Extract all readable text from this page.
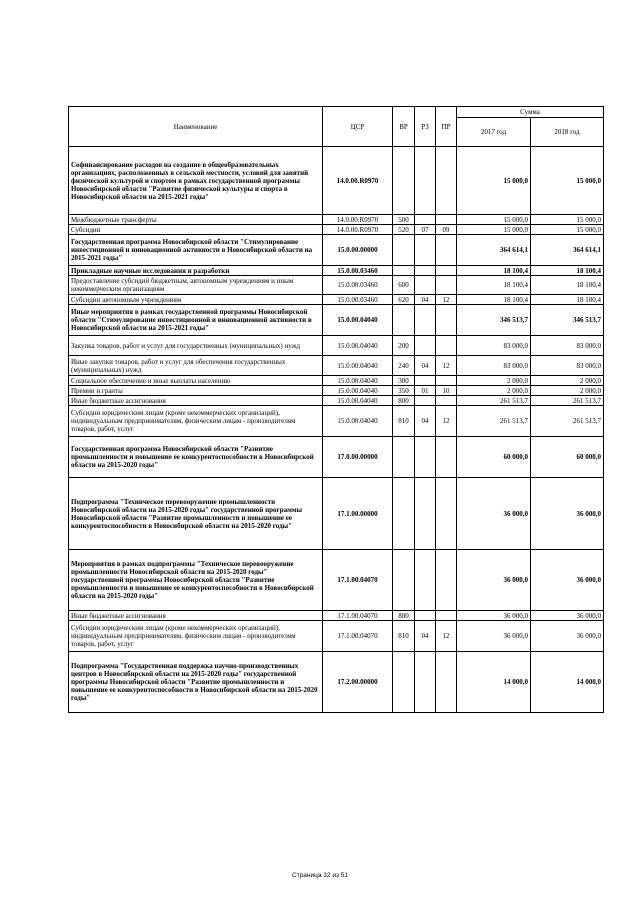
Наименование	ЦСР	ВР	РЗ	ПР	Сумма	
					2017 год	2018 год
Софинансирование расходов на создание в общеобразовательных организациях, расположенных в сельской местности, условий для занятий физической культурой и спортом в рамках государственной программы Новосибирской области "Развитие физической культуры и спорта в Новосибирской области на 2015-2021 годы"	14.0.00.R0970				15 000,0	15 000,0
Межбюджетные трансферты	14.0.00.R0970	500			15 000,0	15 000,0
Субсидии	14.0.00.R0970	520	07	09	15 000,0	15 000,0
Государственная программа Новосибирской области "Стимулирование инвестиционной и инновационной активности в Новосибирской области на 2015-2021 годы"	15.0.00.00000				364 614,1	364 614,1
Прикладные научные исследования и разработки	15.0.00.03460				18 100,4	18 100,4
Предоставление субсидий бюджетным, автономным учреждениям и иным некоммерческим организациям	15.0.00.03460	600			18 100,4	18 100,4
Субсидии автономным учреждениям	15.0.00.03460	620	04	12	18 100,4	18 100,4
Иные мероприятия в рамках государственной программы Новосибирской области "Стимулирование инвестиционной и инновационной активности в Новосибирской области на 2015-2021 годы"	15.0.00.04040				346 513,7	346 513,7
Закупка товаров, работ и услуг для государственных (муниципальных) нужд	15.0.00.04040	200			83 000,0	83 000,0
Иные закупки товаров, работ и услуг для обеспечения государственных (муниципальных) нужд	15.0.00.04040	240	04	12	83 000,0	83 000,0
Социальное обеспечение и иные выплаты населению	15.0.00.04040	300			2 000,0	2 000,0
Премии и гранты	15.0.00.04040	350	01	10	2 000,0	2 000,0
Иные бюджетные ассигнования	15.0.00.04040	800			261 513,7	261 513,7
Субсидии юридическим лицам (кроме некоммерческих организаций), индивидуальным предпринимателям, физическим лицам - производителям товаров, работ, услуг	15.0.00.04040	810	04	12	261 513,7	261 513,7
Государственная программа Новосибирской области "Развитие промышленности и повышение ее конкурентоспособности в Новосибирской области на 2015-2020 годы"	17.0.00.00000				60 000,0	60 000,0
Подпрограмма "Техническое перевооружение промышленности Новосибирской области на 2015-2020 годы" государственной программы Новосибирской области "Развитие промышленности и повышение ее конкурентоспособности в Новосибирской области на 2015-2020 годы"	17.1.00.00000				36 000,0	36 000,0
Мероприятия в рамках подпрограммы "Техническое перевооружение промышленности Новосибирской области на 2015-2020 годы" государственной программы Новосибирской области "Развитие промышленности и повышение ее конкурентоспособности в Новосибирской области на 2015-2020 годы"	17.1.00.04070				36 000,0	36 000,0
Иные бюджетные ассигнования	17.1.00.04070	800			36 000,0	36 000,0
Субсидии юридическим лицам (кроме некоммерческих организаций), индивидуальным предпринимателям, физическим лицам - производителям товаров, работ, услуг	17.1.00.04070	810	04	12	36 000,0	36 000,0
Подпрограмма "Государственная поддержка научно-производственных центров в Новосибирской области на 2015-2020 годы" государственной программы Новосибирской области "Развитие промышленности и повышение ее конкурентоспособности в Новосибирской области на 2015-2020 годы"	17.2.00.00000				14 000,0	14 000,0
Страница 32 из 51
